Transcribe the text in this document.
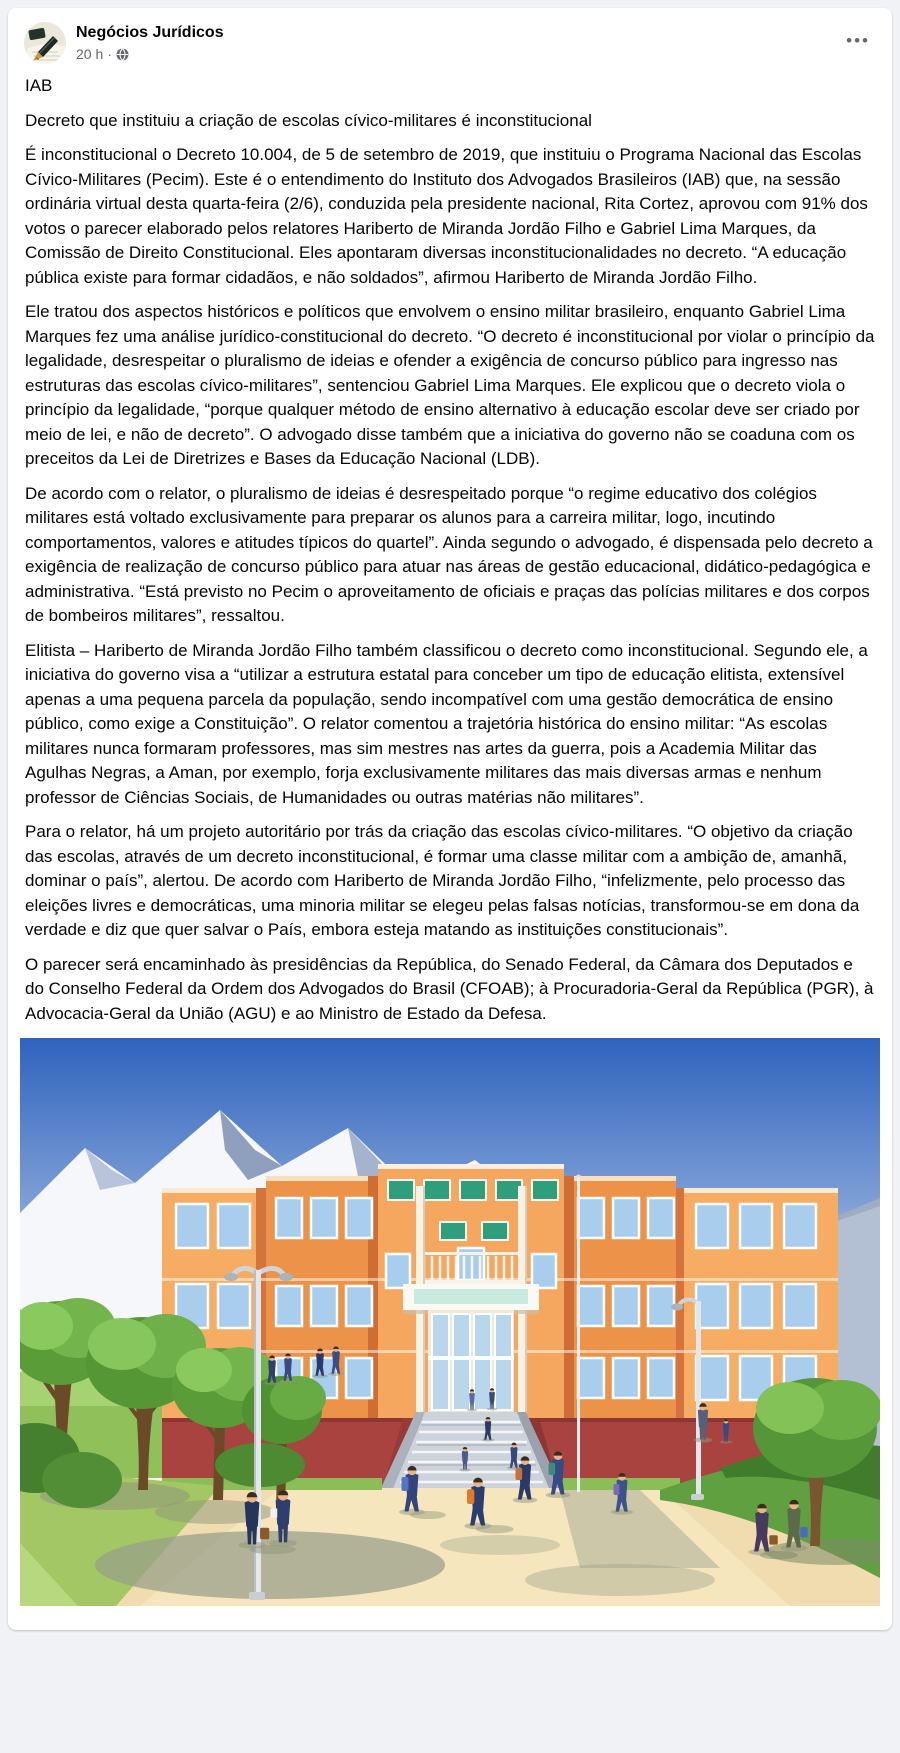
Negócios Jurídicos
20 h ·
•••

IAB

Decreto que instituiu a criação de escolas cívico-militares é inconstitucional

É inconstitucional o Decreto 10.004, de 5 de setembro de 2019, que instituiu o Programa Nacional das Escolas Cívico-Militares (Pecim). Este é o entendimento do Instituto dos Advogados Brasileiros (IAB) que, na sessão ordinária virtual desta quarta-feira (2/6), conduzida pela presidente nacional, Rita Cortez, aprovou com 91% dos votos o parecer elaborado pelos relatores Hariberto de Miranda Jordão Filho e Gabriel Lima Marques, da Comissão de Direito Constitucional. Eles apontaram diversas inconstitucionalidades no decreto. “A educação pública existe para formar cidadãos, e não soldados”, afirmou Hariberto de Miranda Jordão Filho.

Ele tratou dos aspectos históricos e políticos que envolvem o ensino militar brasileiro, enquanto Gabriel Lima Marques fez uma análise jurídico-constitucional do decreto. “O decreto é inconstitucional por violar o princípio da legalidade, desrespeitar o pluralismo de ideias e ofender a exigência de concurso público para ingresso nas estruturas das escolas cívico-militares”, sentenciou Gabriel Lima Marques. Ele explicou que o decreto viola o princípio da legalidade, “porque qualquer método de ensino alternativo à educação escolar deve ser criado por meio de lei, e não de decreto”. O advogado disse também que a iniciativa do governo não se coaduna com os preceitos da Lei de Diretrizes e Bases da Educação Nacional (LDB).

De acordo com o relator, o pluralismo de ideias é desrespeitado porque “o regime educativo dos colégios militares está voltado exclusivamente para preparar os alunos para a carreira militar, logo, incutindo comportamentos, valores e atitudes típicos do quartel”. Ainda segundo o advogado, é dispensada pelo decreto a exigência de realização de concurso público para atuar nas áreas de gestão educacional, didático-pedagógica e administrativa. “Está previsto no Pecim o aproveitamento de oficiais e praças das polícias militares e dos corpos de bombeiros militares”, ressaltou.

Elitista – Hariberto de Miranda Jordão Filho também classificou o decreto como inconstitucional. Segundo ele, a iniciativa do governo visa a “utilizar a estrutura estatal para conceber um tipo de educação elitista, extensível apenas a uma pequena parcela da população, sendo incompatível com uma gestão democrática de ensino público, como exige a Constituição”. O relator comentou a trajetória histórica do ensino militar: “As escolas militares nunca formaram professores, mas sim mestres nas artes da guerra, pois a Academia Militar das Agulhas Negras, a Aman, por exemplo, forja exclusivamente militares das mais diversas armas e nenhum professor de Ciências Sociais, de Humanidades ou outras matérias não militares”.

Para o relator, há um projeto autoritário por trás da criação das escolas cívico-militares. “O objetivo da criação das escolas, através de um decreto inconstitucional, é formar uma classe militar com a ambição de, amanhã, dominar o país”, alertou. De acordo com Hariberto de Miranda Jordão Filho, “infelizmente, pelo processo das eleições livres e democráticas, uma minoria militar se elegeu pelas falsas notícias, transformou-se em dona da verdade e diz que quer salvar o País, embora esteja matando as instituições constitucionais”.

O parecer será encaminhado às presidências da República, do Senado Federal, da Câmara dos Deputados e do Conselho Federal da Ordem dos Advogados do Brasil (CFOAB); à Procuradoria-Geral da República (PGR), à Advocacia-Geral da União (AGU) e ao Ministro de Estado da Defesa.
